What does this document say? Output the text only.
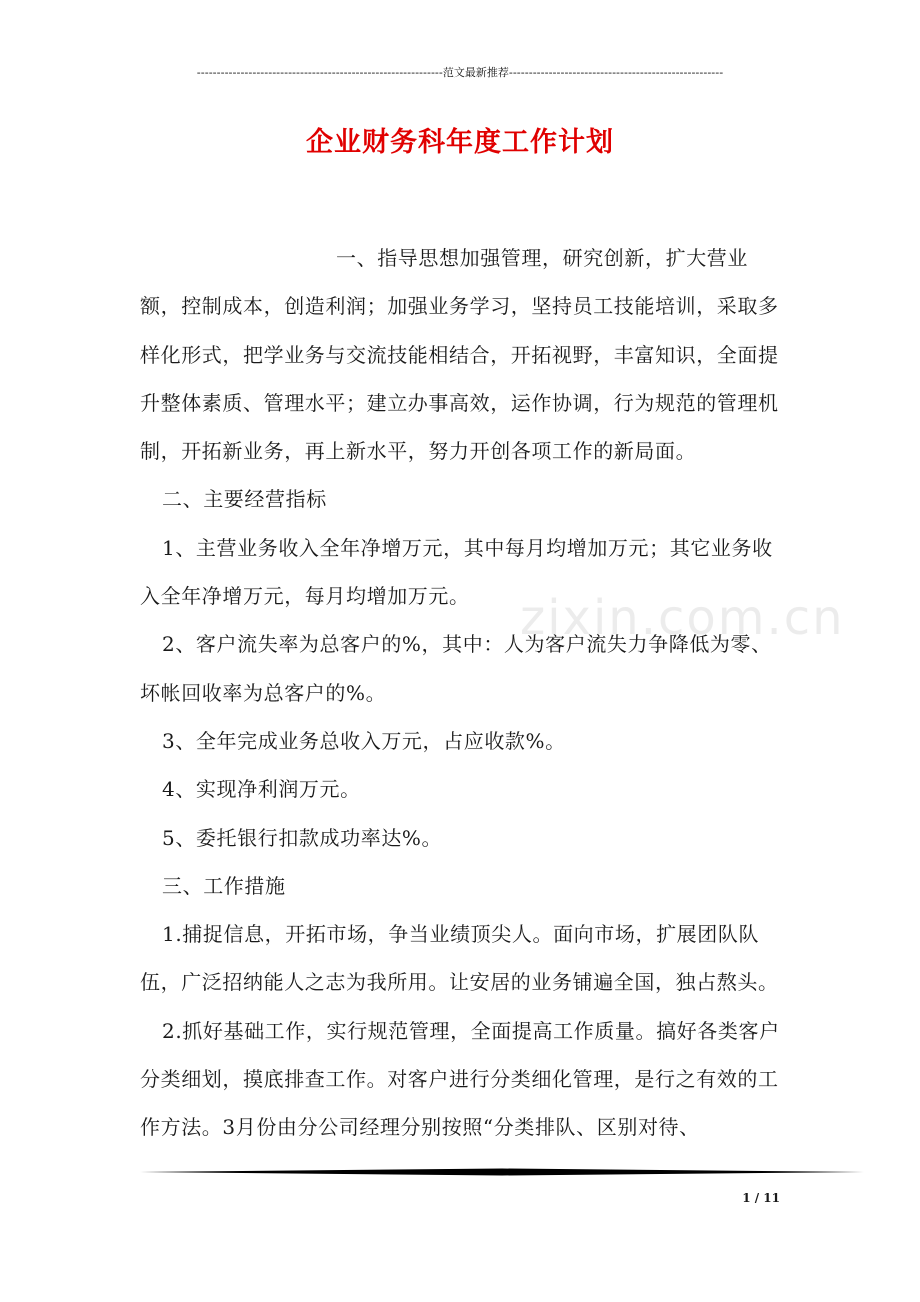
--------------------------------------------------------------范文最新推荐------------------------------------------------------
企业财务科年度工作计划

一、指导思想加强管理，研究创新，扩大营业额，控制成本，创造利润；加强业务学习，坚持员工技能培训，采取多样化形式，把学业务与交流技能相结合，开拓视野，丰富知识，全面提升整体素质、管理水平；建立办事高效，运作协调，行为规范的管理机制，开拓新业务，再上新水平，努力开创各项工作的新局面。

二、主要经营指标

1、主营业务收入全年净增万元，其中每月均增加万元；其它业务收入全年净增万元，每月均增加万元。

2、客户流失率为总客户的%，其中：人为客户流失力争降低为零、坏帐回收率为总客户的%。

3、全年完成业务总收入万元，占应收款%。

4、实现净利润万元。

5、委托银行扣款成功率达%。

三、工作措施

1.捕捉信息，开拓市场，争当业绩顶尖人。面向市场，扩展团队队伍，广泛招纳能人之志为我所用。让安居的业务铺遍全国，独占熬头。

2.抓好基础工作，实行规范管理，全面提高工作质量。搞好各类客户分类细划，摸底排查工作。对客户进行分类细化管理，是行之有效的工作方法。3月份由分公司经理分别按照“分类排队、区别对待、

zixin.com.cn
1 / 11
